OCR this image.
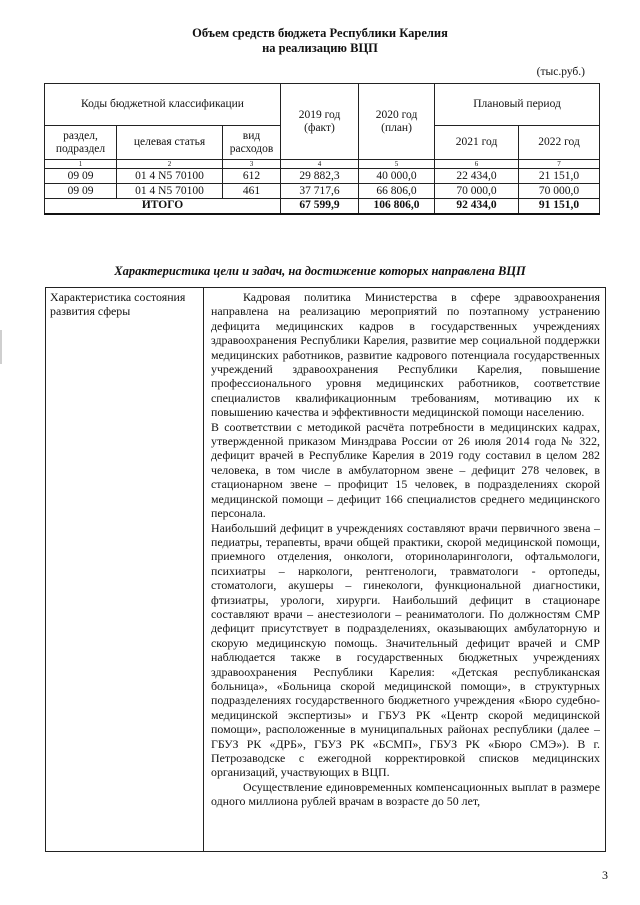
Объем средств бюджета Республики Карелия
на реализацию ВЦП
(тыс.руб.)
Коды бюджетной классификации			2019 год (факт)	2020 год (план)	Плановый период	
раздел, подраздел	целевая статья	вид расходов			2021 год	2022 год
1	2	3	4	5	6	7
09 09	01 4 N5 70100	612	29 882,3	40 000,0	22 434,0	21 151,0
09 09	01 4 N5 70100	461	37 717,6	66 806,0	70 000,0	70 000,0
ИТОГО			67 599,9	106 806,0	92 434,0	91 151,0
Характеристика цели и задач, на достижение которых направлена ВЦП
Характеристика состояния развития сферы	

Кадровая политика Министерства в сфере здравоохранения направлена на реализацию мероприятий по поэтапному устранению дефицита медицинских кадров в государственных учреждениях здравоохранения Республики Карелия, развитие мер социальной поддержки медицинских работников, развитие кадрового потенциала государственных учреждений здравоохранения Республики Карелия, повышение профессионального уровня медицинских работников, соответствие специалистов квалификационным требованиям, мотивацию их к повышению качества и эффективности медицинской помощи населению.

В соответствии с методикой расчёта потребности в медицинских кадрах, утвержденной приказом Минздрава России от 26 июля 2014 года № 322, дефицит врачей в Республике Карелия в 2019 году составил в целом 282 человека, в том числе в амбулаторном звене – дефицит 278 человек, в стационарном звене – профицит 15 человек, в подразделениях скорой медицинской помощи – дефицит 166 специалистов среднего медицинского персонала.

Наибольший дефицит в учреждениях составляют врачи первичного звена – педиатры, терапевты, врачи общей практики, скорой медицинской помощи, приемного отделения, онкологи, оториноларингологи, офтальмологи, психиатры – наркологи, рентгенологи, травматологи - ортопеды, стоматологи, акушеры – гинекологи, функциональной диагностики, фтизиатры, урологи, хирурги. Наибольший дефицит в стационаре составляют врачи – анестезиологи – реаниматологи. По должностям СМР дефицит присутствует в подразделениях, оказывающих амбулаторную и скорую медицинскую помощь. Значительный дефицит врачей и СМР наблюдается также в государственных бюджетных учреждениях здравоохранения Республики Карелия: «Детская республиканская больница», «Больница скорой медицинской помощи», в структурных подразделениях государственного бюджетного учреждения «Бюро судебно-медицинской экспертизы» и ГБУЗ РК «Центр скорой медицинской помощи», расположенные в муниципальных районах республики (далее – ГБУЗ РК «ДРБ», ГБУЗ РК «БСМП», ГБУЗ РК «Бюро СМЭ»). В г. Петрозаводске с ежегодной корректировкой списков медицинских организаций, участвующих в ВЦП.

Осуществление единовременных компенсационных выплат в размере одного миллиона рублей врачам в возрасте до 50 лет,

3
